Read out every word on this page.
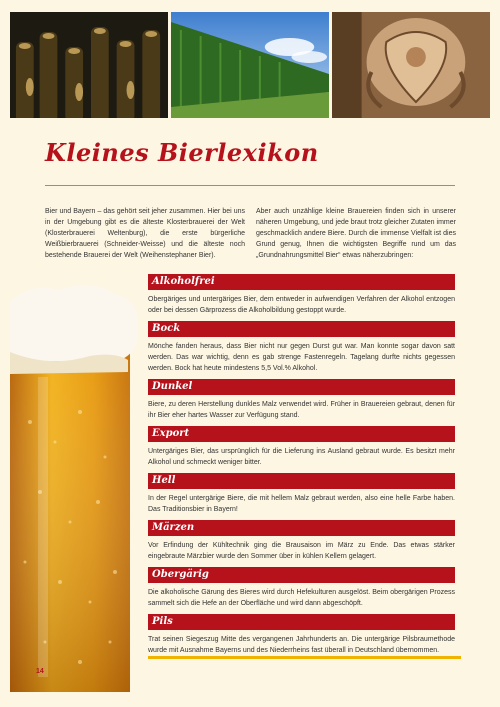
Kleines Bierlexikon

Bier und Bayern – das gehört seit jeher zusammen. Hier bei uns in der Umgebung gibt es die älteste Klosterbrauerei der Welt (Klosterbrauerei Weltenburg), die erste bürgerliche Weißbierbrauerei (Schneider-Weisse) und die älteste noch bestehende Brauerei der Welt (Weihenstephaner Bier).

Aber auch unzählige kleine Brauereien finden sich in unserer näheren Umgebung, und jede braut trotz gleicher Zutaten immer geschmacklich andere Biere. Durch die immense Vielfalt ist dies Grund genug, Ihnen die wichtigsten Begriffe rund um das „Grundnahrungsmittel Bier“ etwas näherzubringen:

14
Alkoholfrei

Obergäriges und untergäriges Bier, dem entweder in aufwendigen Verfahren der Alkohol entzogen oder bei dessen Gärprozess die Alkoholbildung gestoppt wurde.

Bock

Mönche fanden heraus, dass Bier nicht nur gegen Durst gut war. Man konnte sogar davon satt werden. Das war wichtig, denn es gab strenge Fastenregeln. Tagelang durfte nichts gegessen werden. Bock hat heute mindestens 5,5 Vol.% Alkohol.

Dunkel

Biere, zu deren Herstellung dunkles Malz verwendet wird. Früher in Brauereien gebraut, denen für ihr Bier eher hartes Wasser zur Verfügung stand.

Export

Untergäriges Bier, das ursprünglich für die Lieferung ins Ausland gebraut wurde. Es besitzt mehr Alkohol und schmeckt weniger bitter.

Hell

In der Regel untergärige Biere, die mit hellem Malz gebraut werden, also eine helle Farbe haben. Das Traditionsbier in Bayern!

Märzen

Vor Erfindung der Kühltechnik ging die Brausaison im März zu Ende. Das etwas stärker eingebraute Märzbier wurde den Sommer über in kühlen Kellern gelagert.

Obergärig

Die alkoholische Gärung des Bieres wird durch Hefekulturen ausgelöst. Beim obergärigen Prozess sammelt sich die Hefe an der Oberfläche und wird dann abgeschöpft.

Pils

Trat seinen Siegeszug Mitte des vergangenen Jahrhunderts an. Die untergärige Pilsbraumethode wurde mit Ausnahme Bayerns und des Niederrheins fast überall in Deutschland übernommen.
